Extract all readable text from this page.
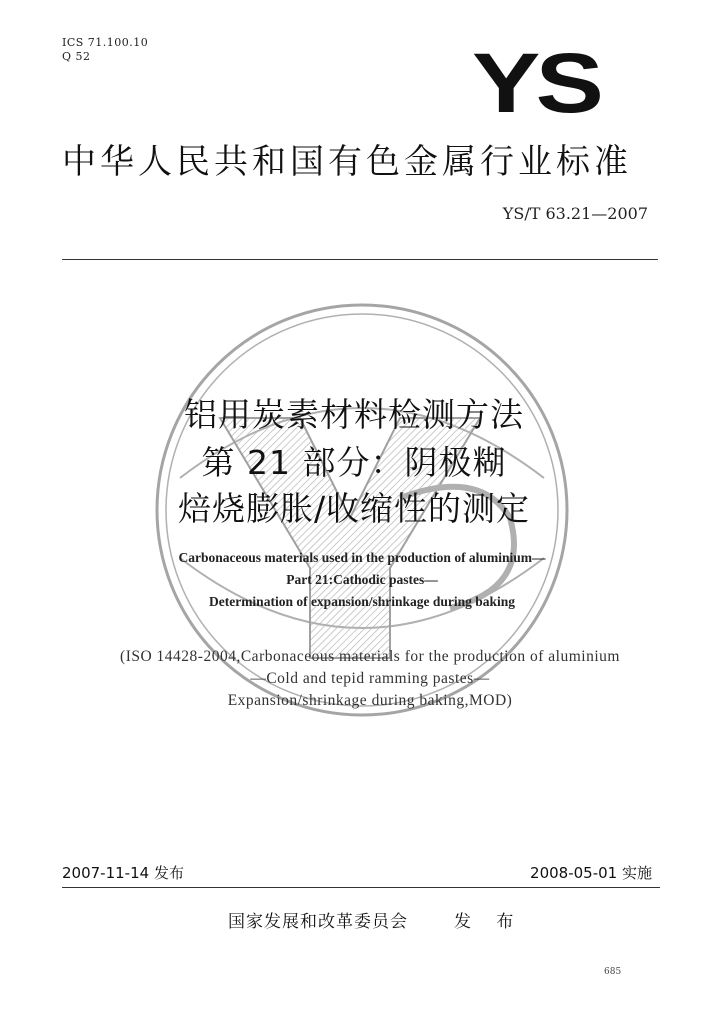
ICS 71.100.10
Q 52	YS
中华人民共和国有色金属行业标准
YS/T 63.21—2007
铝用炭素材料检测方法
第 21 部分：阴极糊
焙烧膨胀/收缩性的测定
Carbonaceous materials used in the production of aluminium—
Part 21:Cathodic pastes—
Determination of expansion/shrinkage during baking
(ISO 14428-2004,Carbonaceous materials for the production of aluminium
—Cold and tepid ramming pastes—
Expansion/shrinkage during baking,MOD)
2007-11-14 发布	2008-05-01 实施
国家发展和改革委员会	发 布
685
